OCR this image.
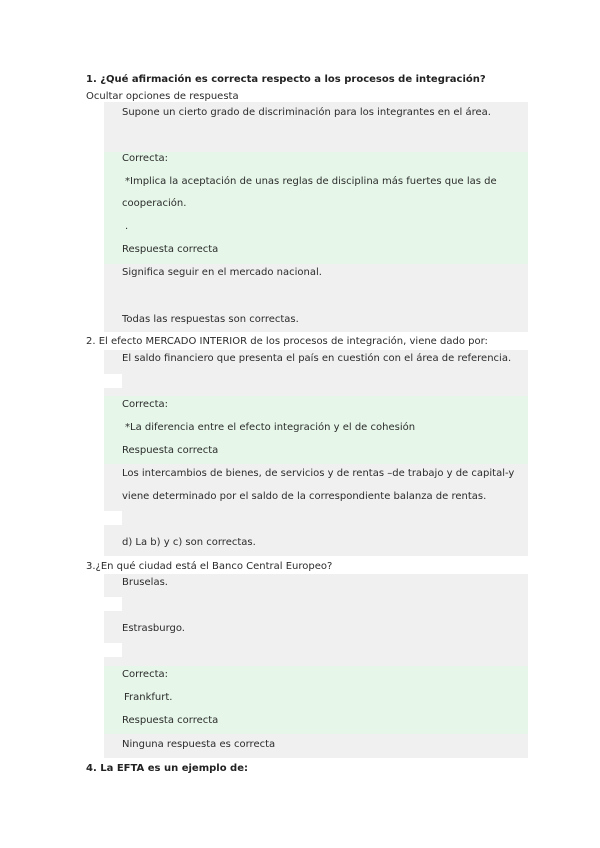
1. ¿Qué afirmación es correcta respecto a los procesos de integración?
Ocultar opciones de respuesta
Supone un cierto grado de discriminación para los integrantes en el área.
Correcta:
*Implica la aceptación de unas reglas de disciplina más fuertes que las de
cooperación.
.
Respuesta correcta
Significa seguir en el mercado nacional.
Todas las respuestas son correctas.
2. El efecto MERCADO INTERIOR de los procesos de integración, viene dado por:
El saldo financiero que presenta el país en cuestión con el área de referencia.
Correcta:
*La diferencia entre el efecto integración y el de cohesión
Respuesta correcta
Los intercambios de bienes, de servicios y de rentas –de trabajo y de capital-y
viene determinado por el saldo de la correspondiente balanza de rentas.
d) La b) y c) son correctas.
3.¿En qué ciudad está el Banco Central Europeo?
Bruselas.
Estrasburgo.
Correcta:
Frankfurt.
Respuesta correcta
Ninguna respuesta es correcta
4. La EFTA es un ejemplo de:
